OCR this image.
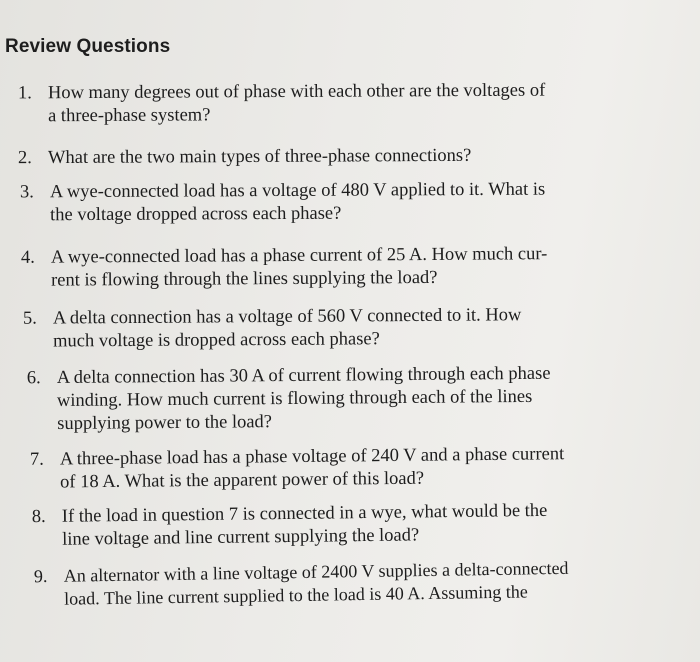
Review Questions
1. How many degrees out of phase with each other are the voltages of
a three-phase system?
2. What are the two main types of three-phase connections?
3. A wye-connected load has a voltage of 480 V applied to it. What is
the voltage dropped across each phase?
4. A wye-connected load has a phase current of 25 A. How much cur-
rent is flowing through the lines supplying the load?
5. A delta connection has a voltage of 560 V connected to it. How
much voltage is dropped across each phase?
6. A delta connection has 30 A of current flowing through each phase
winding. How much current is flowing through each of the lines
supplying power to the load?
7. A three-phase load has a phase voltage of 240 V and a phase current
of 18 A. What is the apparent power of this load?
8. If the load in question 7 is connected in a wye, what would be the
line voltage and line current supplying the load?
9. An alternator with a line voltage of 2400 V supplies a delta-connected
load. The line current supplied to the load is 40 A. Assuming the
